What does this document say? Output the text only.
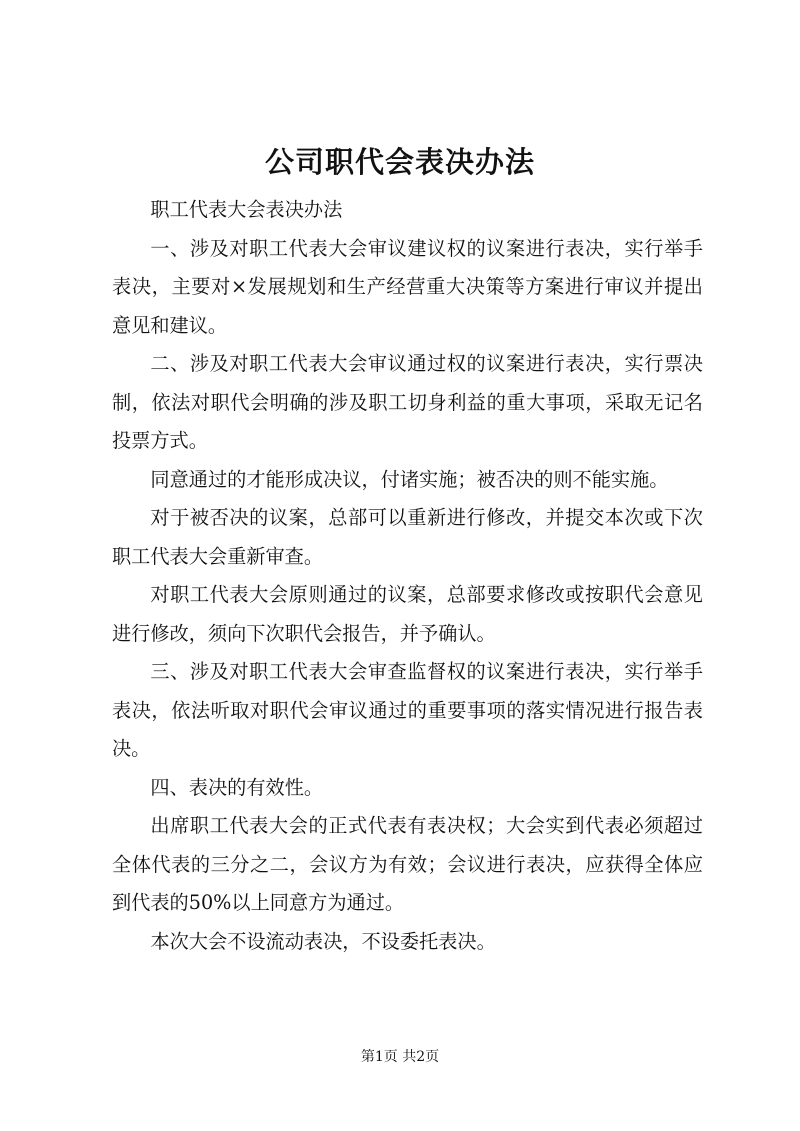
公司职代会表决办法

职工代表大会表决办法

一、涉及对职工代表大会审议建议权的议案进行表决，实行举手表决，主要对×发展规划和生产经营重大决策等方案进行审议并提出意见和建议。

二、涉及对职工代表大会审议通过权的议案进行表决，实行票决制，依法对职代会明确的涉及职工切身利益的重大事项，采取无记名投票方式。

同意通过的才能形成决议，付诸实施；被否决的则不能实施。

对于被否决的议案，总部可以重新进行修改，并提交本次或下次职工代表大会重新审查。

对职工代表大会原则通过的议案，总部要求修改或按职代会意见进行修改，须向下次职代会报告，并予确认。

三、涉及对职工代表大会审查监督权的议案进行表决，实行举手表决，依法听取对职代会审议通过的重要事项的落实情况进行报告表决。

四、表决的有效性。

出席职工代表大会的正式代表有表决权；大会实到代表必须超过全体代表的三分之二，会议方为有效；会议进行表决，应获得全体应到代表的50%以上同意方为通过。

本次大会不设流动表决，不设委托表决。

第1页 共2页
